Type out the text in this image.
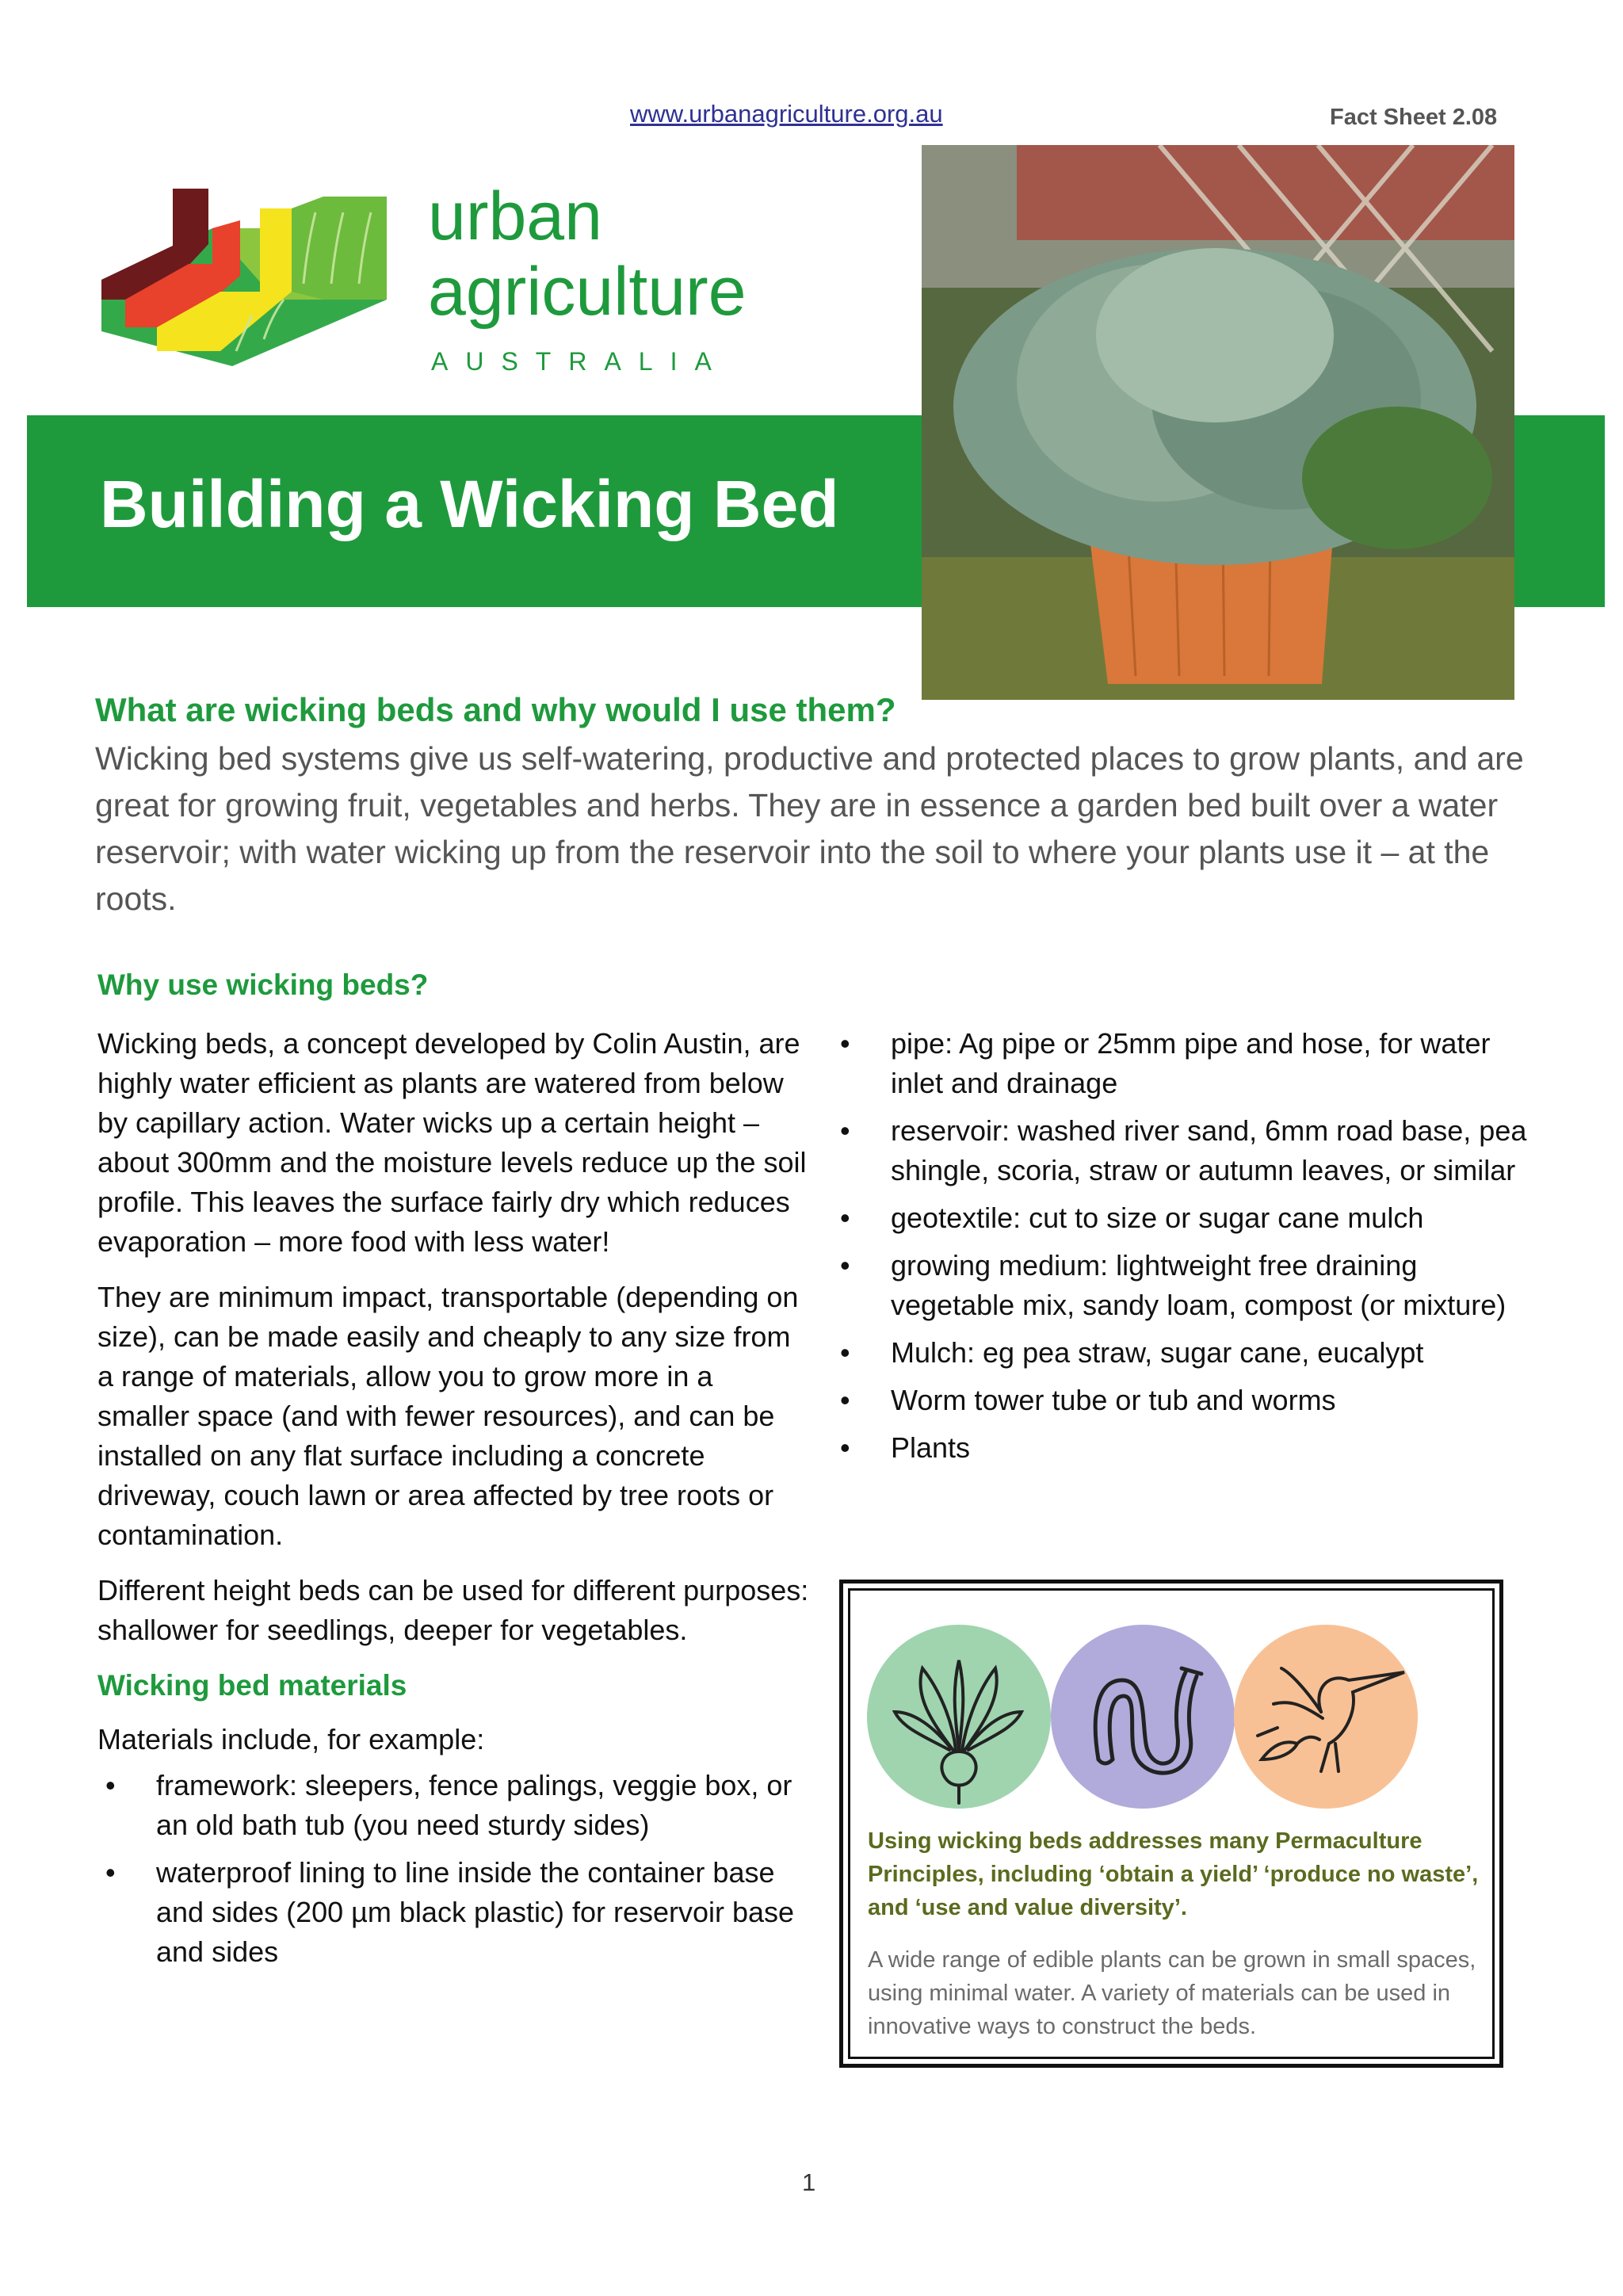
www.urbanagriculture.org.au	Fact Sheet 2.08
urban
agriculture
AUSTRALIA
Building a Wicking Bed
What are wicking beds and why would I use them?
Wicking bed systems give us self-watering, productive and protected places to grow plants, and are great for growing fruit, vegetables and herbs. They are in essence a garden bed built over a water reservoir; with water wicking up from the reservoir into the soil to where your plants use it – at the roots.
Why use wicking beds?

Wicking beds, a concept developed by Colin Austin, are highly water efficient as plants are watered from below by capillary action. Water wicks up a certain height – about 300mm and the moisture levels reduce up the soil profile. This leaves the surface fairly dry which reduces evaporation – more food with less water!

They are minimum impact, transportable (depending on size), can be made easily and cheaply to any size from a range of materials, allow you to grow more in a smaller space (and with fewer resources), and can be installed on any flat surface including a concrete driveway, couch lawn or area affected by tree roots or contamination.

Different height beds can be used for different purposes: shallower for seedlings, deeper for vegetables.

Wicking bed materials

Materials include, for example:

• framework: sleepers, fence palings, veggie box, or an old bath tub (you need sturdy sides)
• waterproof lining to line inside the container base and sides (200 µm black plastic) for reservoir base and sides
• pipe: Ag pipe or 25mm pipe and hose, for water inlet and drainage
• reservoir: washed river sand, 6mm road base, pea shingle, scoria, straw or autumn leaves, or similar
• geotextile: cut to size or sugar cane mulch
• growing medium: lightweight free draining vegetable mix, sandy loam, compost (or mixture)
• Mulch: eg pea straw, sugar cane, eucalypt
• Worm tower tube or tub and worms
• Plants
Using wicking beds addresses many Permaculture Principles, including ‘obtain a yield’ ‘produce no waste’, and ‘use and value diversity’.
A wide range of edible plants can be grown in small spaces, using minimal water. A variety of materials can be used in innovative ways to construct the beds.
1
